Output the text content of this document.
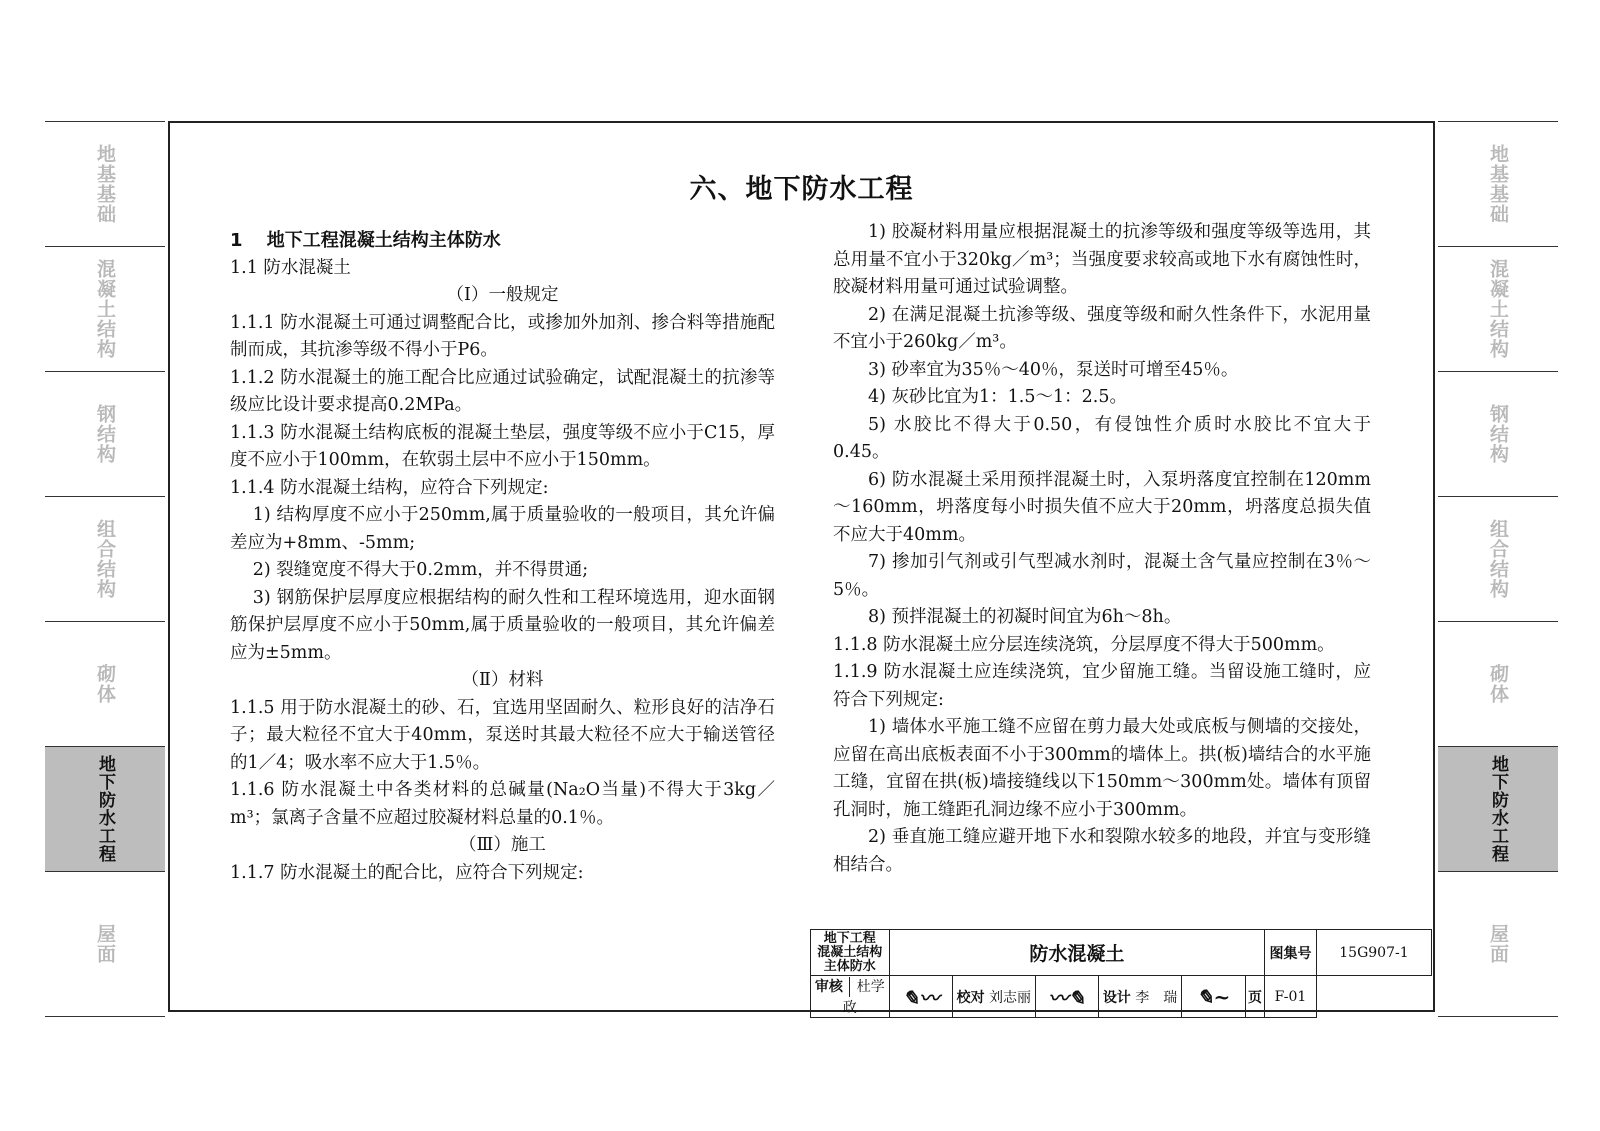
地基基础
混凝土结构
钢结构
组合结构
砌体
地下防水工程
屋面
地基基础
混凝土结构
钢结构
组合结构
砌体
地下防水工程
屋面
六、地下防水工程

1　 地下工程混凝土结构主体防水

1.1 防水混凝土

（Ⅰ）一般规定

1.1.1 防水混凝土可通过调整配合比，或掺加外加剂、掺合料等措施配制而成，其抗渗等级不得小于P6。

1.1.2 防水混凝土的施工配合比应通过试验确定，试配混凝土的抗渗等级应比设计要求提高0.2MPa。

1.1.3 防水混凝土结构底板的混凝土垫层，强度等级不应小于C15，厚度不应小于100mm，在软弱土层中不应小于150mm。

1.1.4 防水混凝土结构，应符合下列规定:

1) 结构厚度不应小于250mm,属于质量验收的一般项目，其允许偏差应为+8mm、-5mm;

2) 裂缝宽度不得大于0.2mm，并不得贯通;

3) 钢筋保护层厚度应根据结构的耐久性和工程环境选用，迎水面钢筋保护层厚度不应小于50mm,属于质量验收的一般项目，其允许偏差应为±5mm。

（Ⅱ）材料

1.1.5 用于防水混凝土的砂、石，宜选用坚固耐久、粒形良好的洁净石子；最大粒径不宜大于40mm，泵送时其最大粒径不应大于输送管径的1／4；吸水率不应大于1.5％。

1.1.6 防水混凝土中各类材料的总碱量(Na₂O当量)不得大于3kg／m³；氯离子含量不应超过胶凝材料总量的0.1％。

（Ⅲ）施工

1.1.7 防水混凝土的配合比，应符合下列规定:

1) 胶凝材料用量应根据混凝土的抗渗等级和强度等级等选用，其总用量不宜小于320kg／m³；当强度要求较高或地下水有腐蚀性时，胶凝材料用量可通过试验调整。

2) 在满足混凝土抗渗等级、强度等级和耐久性条件下，水泥用量不宜小于260kg／m³。

3) 砂率宜为35％～40％，泵送时可增至45％。

4) 灰砂比宜为1：1.5～1：2.5。

5) 水胶比不得大于0.50，有侵蚀性介质时水胶比不宜大于0.45。

6) 防水混凝土采用预拌混凝土时，入泵坍落度宜控制在120mm～160mm，坍落度每小时损失值不应大于20mm，坍落度总损失值不应大于40mm。

7) 掺加引气剂或引气型减水剂时，混凝土含气量应控制在3％～5％。

8) 预拌混凝土的初凝时间宜为6h～8h。

1.1.8 防水混凝土应分层连续浇筑，分层厚度不得大于500mm。

1.1.9 防水混凝土应连续浇筑，宜少留施工缝。当留设施工缝时，应符合下列规定:

1) 墙体水平施工缝不应留在剪力最大处或底板与侧墙的交接处，应留在高出底板表面不小于300mm的墙体上。拱(板)墙结合的水平施工缝，宜留在拱(板)墙接缝线以下150mm～300mm处。墙体有顶留孔洞时，施工缝距孔洞边缘不应小于300mm。

2) 垂直施工缝应避开地下水和裂隙水较多的地段，并宜与变形缝相结合。

地下工程
混凝土结构
主体防水	防水混凝土						图集号	15G907-1
审核 杜学政	✎〰	校对 刘志丽	〰✎	设计 李　瑞	✎~	页	F-01	
